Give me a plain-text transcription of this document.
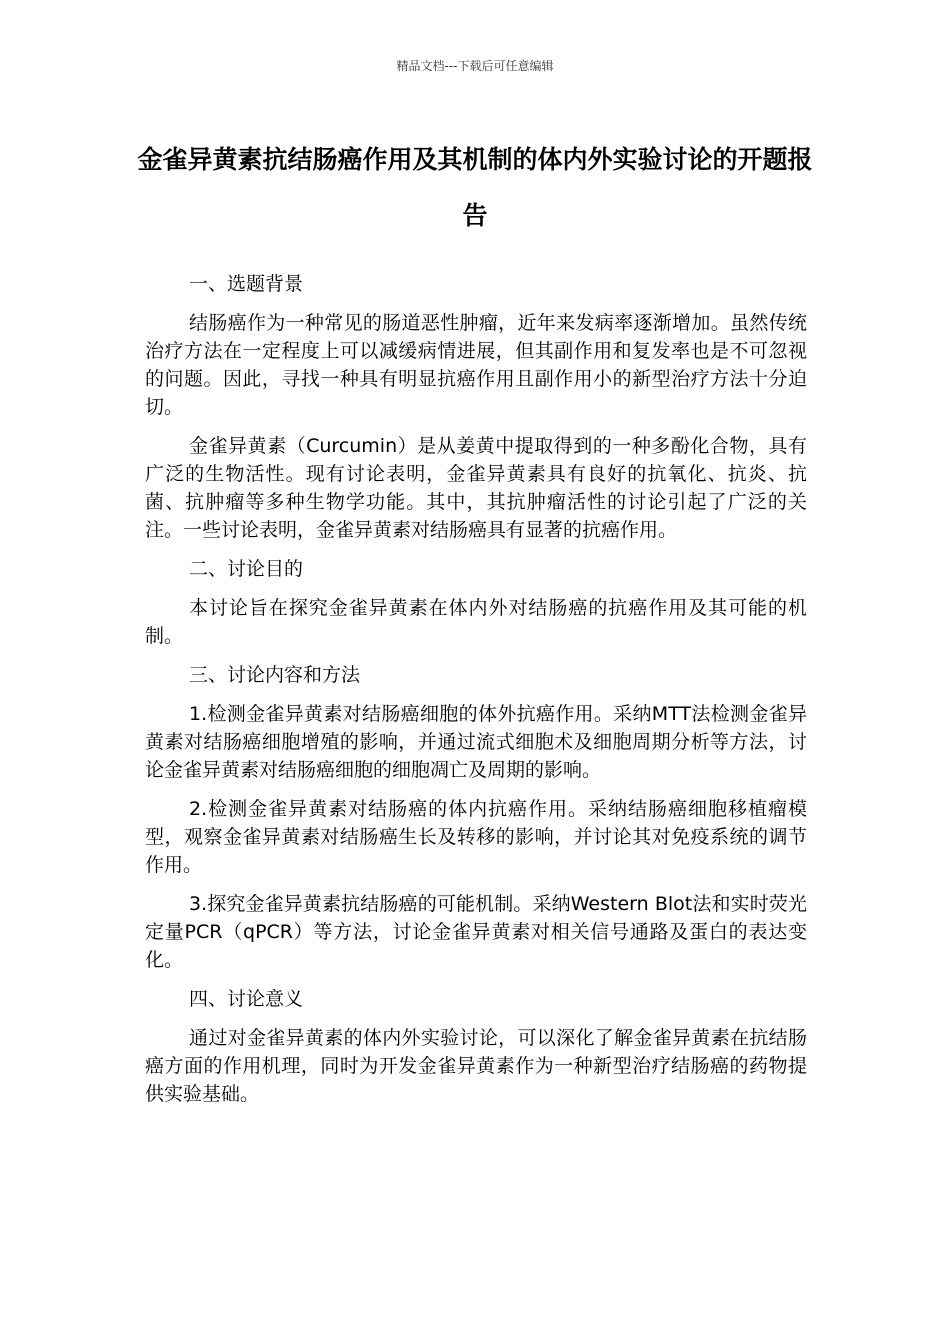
精品文档---下载后可任意编辑
金雀异黄素抗结肠癌作用及其机制的体内外实验讨论的开题报告

一、选题背景

结肠癌作为一种常见的肠道恶性肿瘤，近年来发病率逐渐增加。虽然传统治疗方法在一定程度上可以减缓病情进展，但其副作用和复发率也是不可忽视的问题。因此，寻找一种具有明显抗癌作用且副作用小的新型治疗方法十分迫切。

金雀异黄素（Curcumin）是从姜黄中提取得到的一种多酚化合物，具有广泛的生物活性。现有讨论表明，金雀异黄素具有良好的抗氧化、抗炎、抗菌、抗肿瘤等多种生物学功能。其中，其抗肿瘤活性的讨论引起了广泛的关注。一些讨论表明，金雀异黄素对结肠癌具有显著的抗癌作用。

二、讨论目的

本讨论旨在探究金雀异黄素在体内外对结肠癌的抗癌作用及其可能的机制。

三、讨论内容和方法

1.检测金雀异黄素对结肠癌细胞的体外抗癌作用。采纳MTT法检测金雀异黄素对结肠癌细胞增殖的影响，并通过流式细胞术及细胞周期分析等方法，讨论金雀异黄素对结肠癌细胞的细胞凋亡及周期的影响。

2.检测金雀异黄素对结肠癌的体内抗癌作用。采纳结肠癌细胞移植瘤模型，观察金雀异黄素对结肠癌生长及转移的影响，并讨论其对免疫系统的调节作用。

3.探究金雀异黄素抗结肠癌的可能机制。采纳Western Blot法和实时荧光定量PCR（qPCR）等方法，讨论金雀异黄素对相关信号通路及蛋白的表达变化。

四、讨论意义

通过对金雀异黄素的体内外实验讨论，可以深化了解金雀异黄素在抗结肠癌方面的作用机理，同时为开发金雀异黄素作为一种新型治疗结肠癌的药物提供实验基础。
